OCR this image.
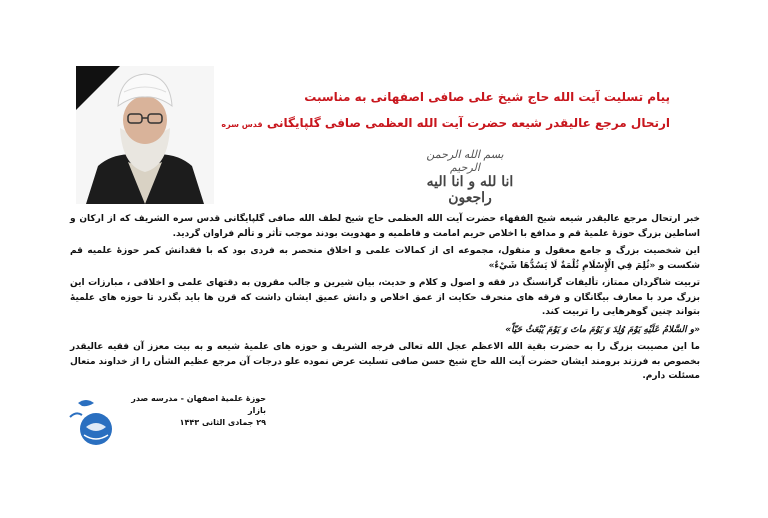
پیام تسلیت آیت الله حاج شیخ علی صافی اصفهانی به مناسبت
ارتحال مرجع عالیقدر شیعه حضرت آیت الله العظمی صافی گلپایگانی قدس سره
بسم الله الرحمن الرحیم
انا لله و انا الیه راجعون

خبر ارتحال مرجع عالیقدر شیعه شیخ الفقهاء حضرت آیت الله العظمی حاج شیخ لطف الله صافی گلپایگانی قدس سره الشریف که از ارکان و اساطین بزرگ حوزهٔ علمیهٔ قم و مدافع با اخلاص حریم امامت و فاطمیه و مهدویت بودند موجب تأثر و تألم فراوان گردید.

این شخصیت بزرگ و جامع معقول و منقول، مجموعه ای از کمالات علمی و اخلاق منحصر به فردی بود که با فقدانش کمر حوزهٔ علمیه قم شکست و «ثُلِمَ فِي الْإِسْلَامِ ثُلْمَةٌ لَا يَسُدُّهَا شَيْءٌ»

تربیت شاگردان ممتاز، تألیفات گرانسنگ در فقه و اصول و کلام و حدیث، بیان شیرین و جالب مقرون به دقتهای علمی و اخلاقی ، مبارزات این بزرگ مرد با معارف بیگانگان و فرقه های منحرف حکایت از عمق اخلاص و دانش عمیق ایشان داشت که قرن ها باید بگذرد تا حوزه های علمیهٔ بتواند چنین گوهرهایی را تربیت کند.

«و السَّلامُ عَلَيْهِ يَوْمَ وُلِدَ وَ يَوْمَ ماتَ وَ يَوْمَ يُبْعَثُ حَيّاً»

ما این مصیبت بزرگ را به حضرت بقیة الله الاعظم عجل الله تعالی فرجه الشریف و حوزه های علمیهٔ شیعه و به بیت معزز آن فقیه عالیقدر بخصوص به فرزند برومند ایشان حضرت آیت الله حاج شیخ حسن صافی تسلیت عرض نموده علو درجات آن مرجع عظیم الشأن را از خداوند متعال مسئلت دارم.

حوزهٔ علمیهٔ اصفهان - مدرسه صدر بازار
۲۹ جمادی الثانی ۱۴۴۳
